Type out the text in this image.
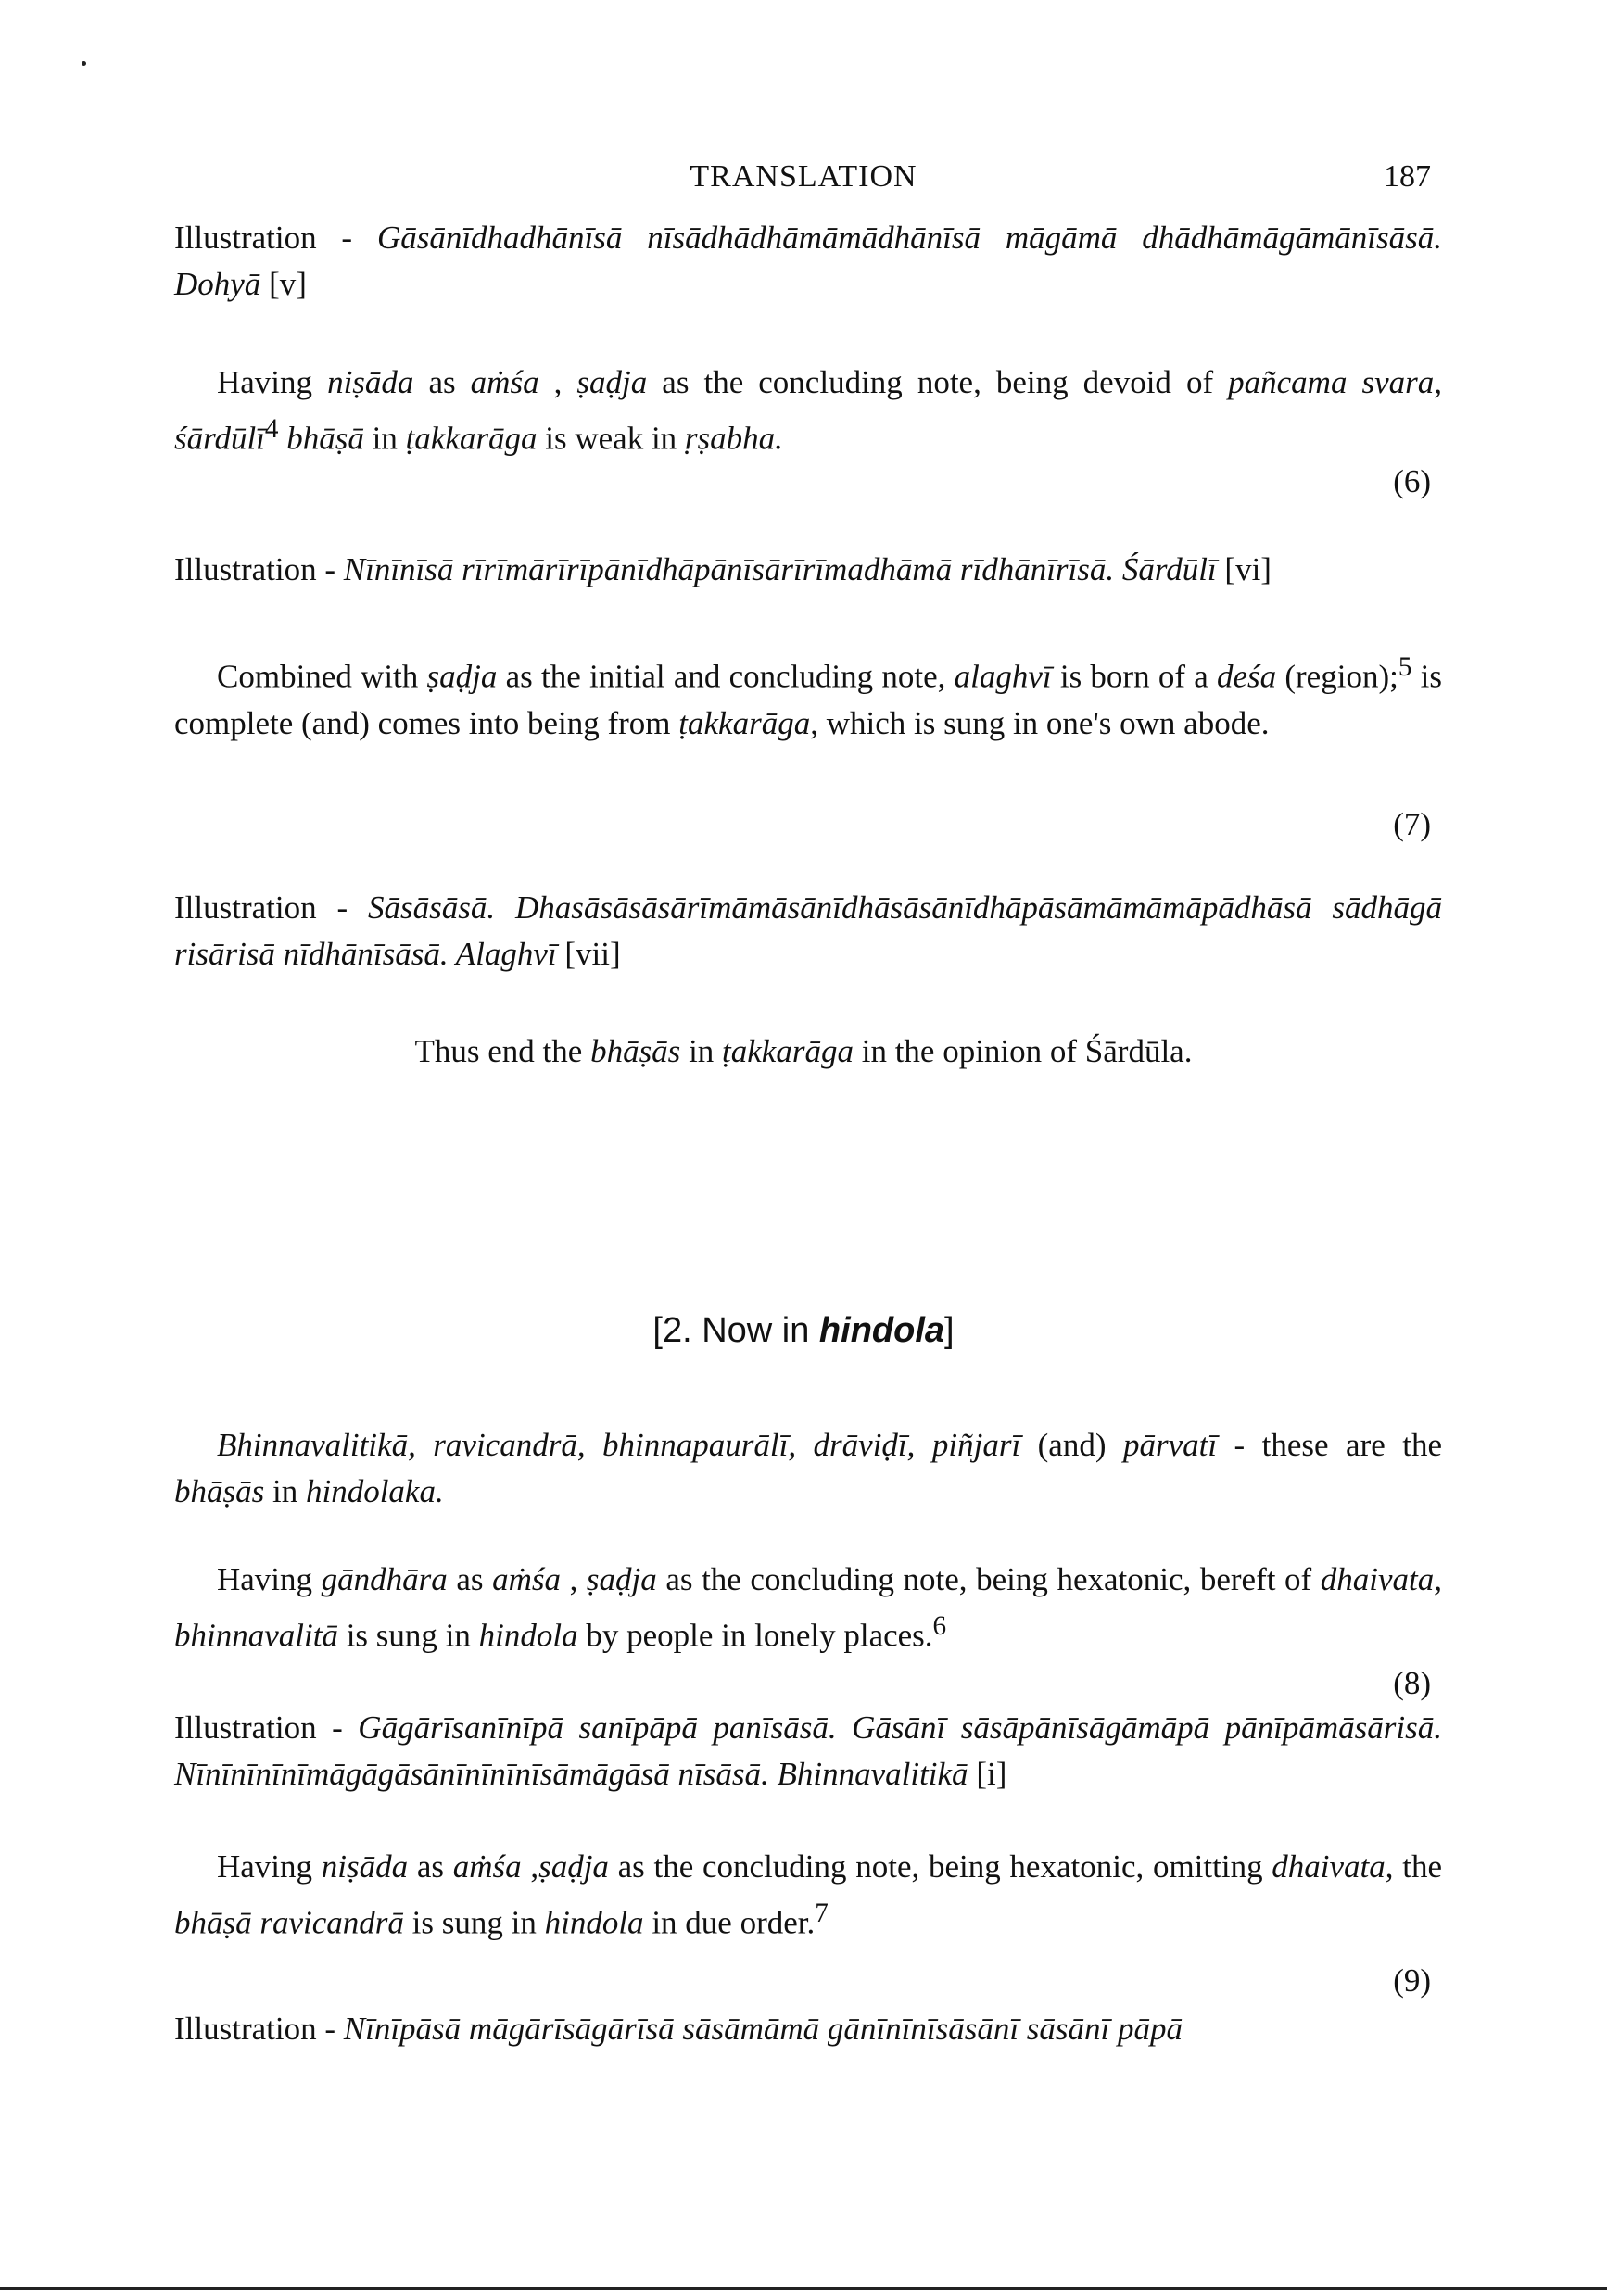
TRANSLATION	187
Illustration - Gāsānīdhadhānīsā nīsādhādhāmāmādhānīsā māgāmā dhādhāmāgāmānīsāsā. Dohyā [v]
Having niṣāda as aṁśa , ṣaḍja as the concluding note, being devoid of pañcama svara, śārdūlī$^4$ bhāṣā in ṭakkarāga is weak in ṛṣabha.
(6)
Illustration - Nīnīnīsā rīrīmārīrīpānīdhāpānīsārīrīmadhāmā rīdhānīrīsā. Śārdūlī [vi]
Combined with ṣaḍja as the initial and concluding note, alaghvī is born of a deśa (region);$^5$ is complete (and) comes into being from ṭakkarāga, which is sung in one's own abode.
(7)
Illustration - Sāsāsāsā. Dhasāsāsāsārīmāmāsānīdhāsāsānīdhāpāsāmāmāmāpādhāsā sādhāgā risārisā nīdhānīsāsā. Alaghvī [vii]
Thus end the bhāṣās in ṭakkarāga in the opinion of Śārdūla.
[2. Now in hindola]
Bhinnavalitikā, ravicandrā, bhinnapaurālī, drāviḍī, piñjarī (and) pārvatī - these are the bhāṣās in hindolaka.
Having gāndhāra as aṁśa , ṣaḍja as the concluding note, being hexatonic, bereft of dhaivata, bhinnavalitā is sung in hindola by people in lonely places.$^6$
(8)
Illustration - Gāgārīsanīnīpā sanīpāpā panīsāsā. Gāsānī sāsāpānīsāgāmāpā pānīpāmāsārisā. Nīnīnīnīnīmāgāgāsānīnīnīnīsāmāgāsā nīsāsā. Bhinnavalitikā [i]
Having niṣāda as aṁśa ,ṣaḍja as the concluding note, being hexatonic, omitting dhaivata, the bhāṣā ravicandrā is sung in hindola in due order.$^7$
(9)
Illustration - Nīnīpāsā māgārīsāgārīsā sāsāmāmā gānīnīnīsāsānī sāsānī pāpā
